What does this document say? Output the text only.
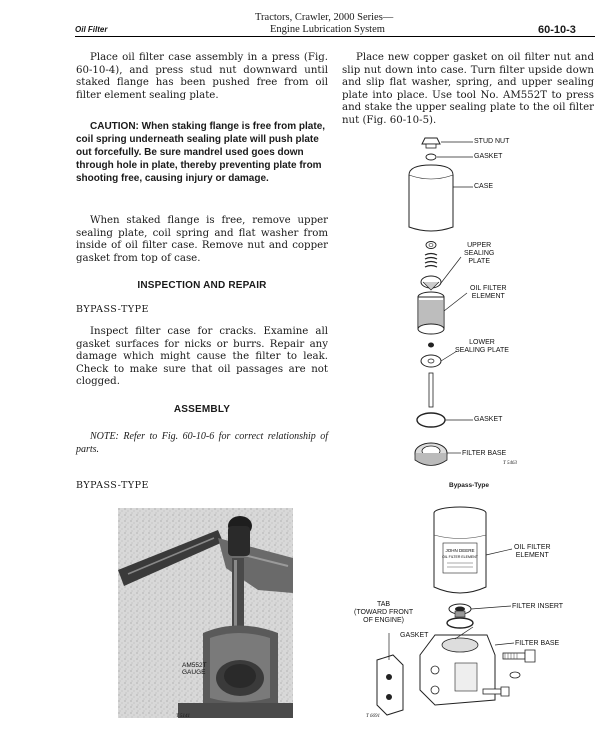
Oil Filter
Tractors, Crawler, 2000 Series—
Engine Lubrication System	60-10-3
Place oil filter case assembly in a press (Fig. 60-10-4), and press stud nut downward until staked flange has been pushed free from oil filter element sealing plate.
CAUTION: When staking flange is free from plate, coil spring underneath sealing plate will push plate out forcefully. Be sure mandrel used goes down through hole in plate, thereby preventing plate from shooting free, causing injury or damage.
When staked flange is free, remove upper sealing plate, coil spring and flat washer from inside of oil filter case. Remove nut and copper gasket from top of case.
INSPECTION AND REPAIR
BYPASS-TYPE
Inspect filter case for cracks. Examine all gasket surfaces for nicks or burrs. Repair any damage which might cause the filter to leak. Check to make sure that oil passages are not clogged.
ASSEMBLY
NOTE: Refer to Fig. 60-10-6 for correct relationship of parts.
BYPASS-TYPE
AM552T
GAUGE
T 5141
Place new copper gasket on oil filter nut and slip nut down into case. Turn filter upside down and slip flat washer, spring, and upper sealing plate into place. Use tool No. AM552T to press and stake the upper sealing plate to the oil filter nut (Fig. 60-10-5).
STUD NUT
GASKET
CASE
UPPER
SEALING
PLATE
OIL FILTER
ELEMENT
LOWER
SEALING PLATE
GASKET
FILTER BASE
T 5463
Bypass-Type
JOHN DEERE
OIL FILTER ELEMENT
OIL FILTER
ELEMENT
FILTER INSERT
TAB
(TOWARD FRONT
OF ENGINE)
GASKET
FILTER BASE
T 6691
